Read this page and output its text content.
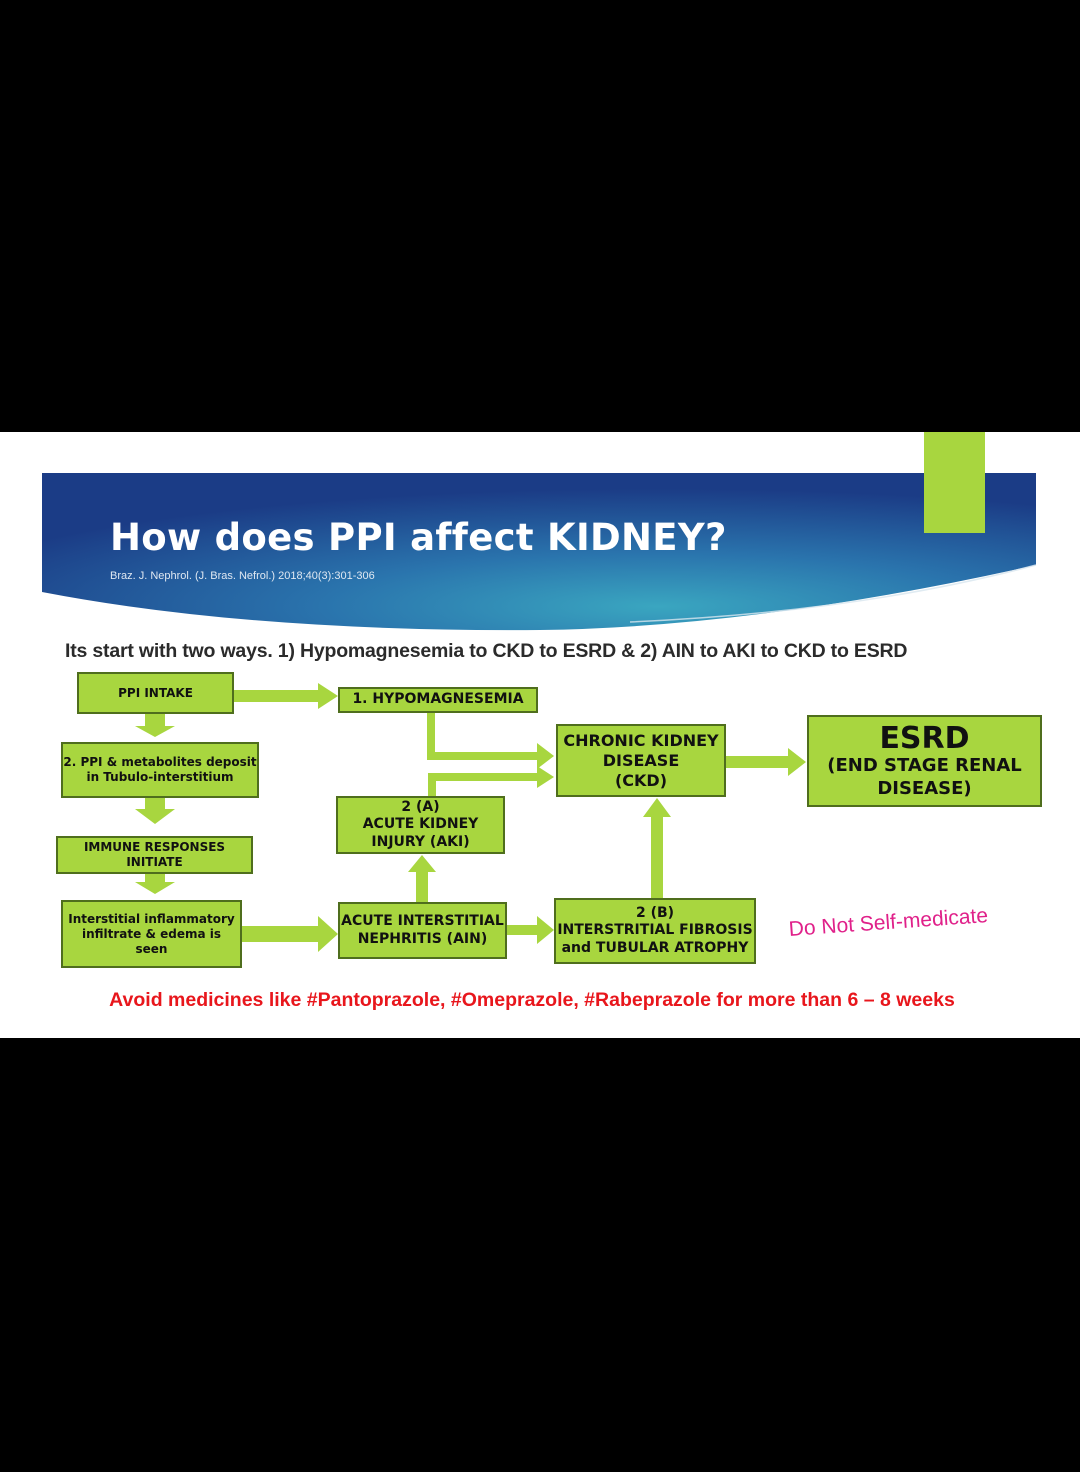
How does PPI affect KIDNEY?
Braz. J. Nephrol. (J. Bras. Nefrol.) 2018;40(3):301-306
Its start with two ways. 1) Hypomagnesemia to CKD to ESRD & 2) AIN to AKI to CKD to ESRD
PPI INTAKE
2. PPI & metabolites deposit
in Tubulo-interstitium
IMMUNE RESPONSES
INITIATE
Interstitial inflammatory
infiltrate & edema is
seen
1. HYPOMAGNESEMIA
2 (A)
ACUTE KIDNEY
INJURY (AKI)
ACUTE INTERSTITIAL
NEPHRITIS (AIN)
CHRONIC KIDNEY
DISEASE
(CKD)
2 (B)
INTERSTRITIAL FIBROSIS
and TUBULAR ATROPHY
ESRD
(END STAGE RENAL
DISEASE)
Do Not Self-medicate
Avoid medicines like #Pantoprazole, #Omeprazole, #Rabeprazole for more than 6 – 8 weeks
